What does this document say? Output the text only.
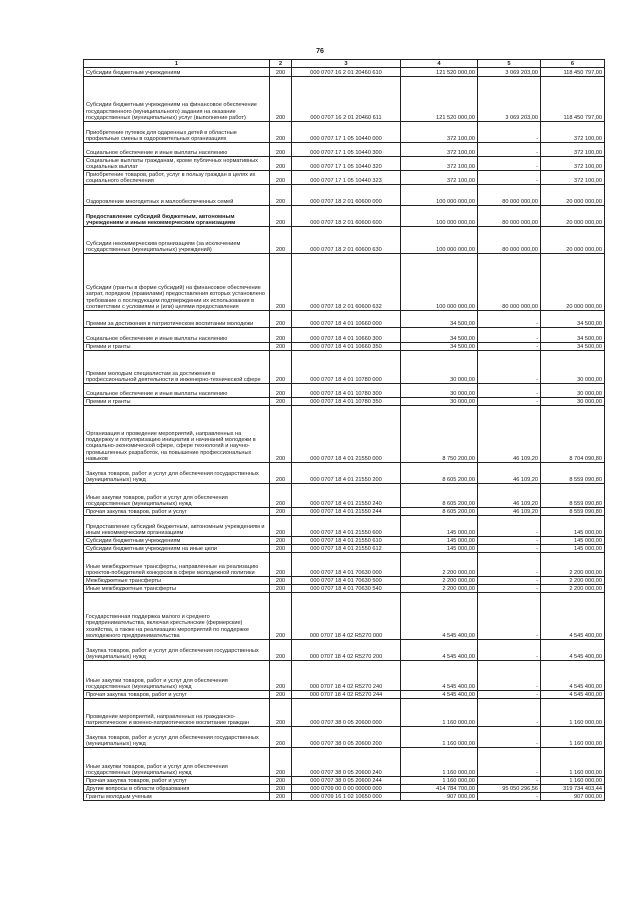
76
1	2	3	4	5	6
Субсидии бюджетным учреждениям	200	000 0707 16 2 01 20460 610	121 520 000,00	3 069 203,00	118 450 797,00
Субсидии бюджетным учреждениям на финансовое обеспечение государственного (муниципального) задания на оказание государственных (муниципальных) услуг (выполнение работ)	200	000 0707 16 2 01 20460 611	121 520 000,00	3 069 203,00	118 450 797,00
Приобретение путевок для одаренных детей в областные профильные смены в оздоровительных организациях	200	000 0707 17 1 05 10440 000	372 100,00	-	372 100,00
Социальное обеспечение и иные выплаты населению	200	000 0707 17 1 05 10440 300	372 100,00	-	372 100,00
Социальные выплаты гражданам, кроме публичных нормативных социальных выплат	200	000 0707 17 1 05 10440 320	372 100,00	-	372 100,00
Приобретение товаров, работ, услуг в пользу граждан в целях их социального обеспечения	200	000 0707 17 1 05 10440 323	372 100,00	-	372 100,00
Оздоровление многодетных и малообеспеченных семей	200	000 0707 18 2 01 60600 000	100 000 000,00	80 000 000,00	20 000 000,00
Предоставление субсидий бюджетным, автономным учреждениям и иным некоммерческим организациям	200	000 0707 18 2 01 60600 600	100 000 000,00	80 000 000,00	20 000 000,00
Субсидии некоммерческим организациям (за исключением государственных (муниципальных) учреждений)	200	000 0707 18 2 01 60600 630	100 000 000,00	80 000 000,00	20 000 000,00
Субсидии (гранты в форме субсидий) на финансовое обеспечение затрат, порядком (правилами) предоставления которых установлено требование о последующем подтверждении их использования в соответствии с условиями и (или) целями предоставления	200	000 0707 18 2 01 60600 632	100 000 000,00	80 000 000,00	20 000 000,00
Премии за достижения в патриотическом воспитании молодежи	200	000 0707 18 4 01 10660 000	34 500,00	-	34 500,00
Социальное обеспечение и иные выплаты населению	200	000 0707 18 4 01 10660 300	34 500,00	-	34 500,00
Премии и гранты	200	000 0707 18 4 01 10660 350	34 500,00	-	34 500,00
Премии молодым специалистам за достижения в профессиональной деятельности в инженерно-технической сфере	200	000 0707 18 4 01 10780 000	30 000,00	-	30 000,00
Социальное обеспечение и иные выплаты населению	200	000 0707 18 4 01 10780 300	30 000,00	-	30 000,00
Премии и гранты	200	000 0707 18 4 01 10780 350	30 000,00	-	30 000,00
Организация и проведение мероприятий, направленных на поддержку и популяризацию инициатив и начинаний молодежи в социально-экономической сфере, сфере технологий и научно-промышленных разработок, на повышение профессиональных навыков	200	000 0707 18 4 01 21550 000	8 750 200,00	46 109,20	8 704 090,80
Закупка товаров, работ и услуг для обеспечения государственных (муниципальных) нужд	200	000 0707 18 4 01 21550 200	8 605 200,00	46 109,20	8 559 090,80
Иные закупки товаров, работ и услуг для обеспечения государственных (муниципальных) нужд	200	000 0707 18 4 01 21550 240	8 605 200,00	46 109,20	8 559 090,80
Прочая закупка товаров, работ и услуг	200	000 0707 18 4 01 21550 244	8 605 200,00	46 109,20	8 559 090,80
Предоставление субсидий бюджетным, автономным учреждениям и иным некоммерческим организациям	200	000 0707 18 4 01 21550 600	145 000,00	-	145 000,00
Субсидии бюджетным учреждениям	200	000 0707 18 4 01 21550 610	145 000,00	-	145 000,00
Субсидии бюджетным учреждениям на иные цели	200	000 0707 18 4 01 21550 612	145 000,00	-	145 000,00
Иные межбюджетные трансферты, направленные на реализацию проектов-победителей конкурсов в сфере молодежной политики	200	000 0707 18 4 01 70630 000	2 200 000,00	-	2 200 000,00
Межбюджетные трансферты	200	000 0707 18 4 01 70630 500	2 200 000,00	-	2 200 000,00
Иные межбюджетные трансферты	200	000 0707 18 4 01 70630 540	2 200 000,00	-	2 200 000,00
Государственная поддержка малого и среднего предпринимательства, включая крестьянские (фермерские) хозяйства, а также на реализацию мероприятий по поддержке молодежного предпринимательства	200	000 0707 18 4 02 R5270 000	4 545 400,00	-	4 545 400,00
Закупка товаров, работ и услуг для обеспечения государственных (муниципальных) нужд	200	000 0707 18 4 02 R5270 200	4 545 400,00	-	4 545 400,00
Иные закупки товаров, работ и услуг для обеспечения государственных (муниципальных) нужд	200	000 0707 18 4 02 R5270 240	4 545 400,00	-	4 545 400,00
Прочая закупка товаров, работ и услуг	200	000 0707 18 4 02 R5270 244	4 545 400,00	-	4 545 400,00
Проведение мероприятий, направленных на гражданско-патриотическое и военно-патриотическое воспитание граждан	200	000 0707 38 0 05 20600 000	1 160 000,00	-	1 160 000,00
Закупка товаров, работ и услуг для обеспечения государственных (муниципальных) нужд	200	000 0707 38 0 05 20600 200	1 160 000,00	-	1 160 000,00
Иные закупки товаров, работ и услуг для обеспечения государственных (муниципальных) нужд	200	000 0707 38 0 05 20600 240	1 160 000,00	-	1 160 000,00
Прочая закупка товаров, работ и услуг	200	000 0707 38 0 05 20600 244	1 160 000,00	-	1 160 000,00
Другие вопросы в области образования	200	000 0709 00 0 00 00000 000	414 784 700,00	95 050 296,56	319 734 403,44
Гранты молодым ученым	200	000 0709 16 1 02 10650 000	907 000,00	-	907 000,00
